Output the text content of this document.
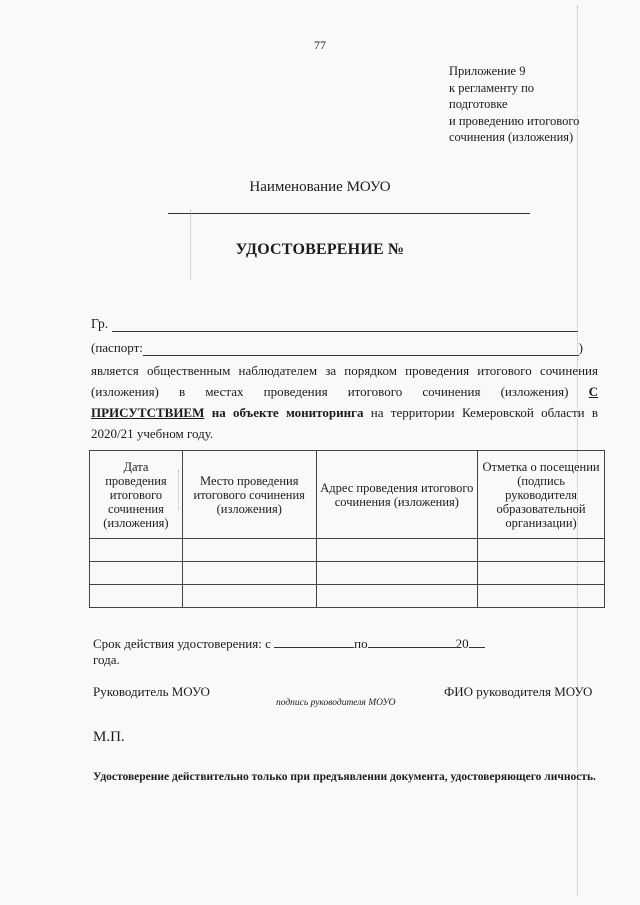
77
Приложение 9
к регламенту по
подготовке
и проведению итогового
сочинения (изложения)
Наименование МОУО
УДОСТОВЕРЕНИЕ №
Гр.
(паспорт:	)
является общественным наблюдателем за порядком проведения итогового сочинения
(изложения) в местах проведения итогового сочинения (изложения) С
ПРИСУТСТВИЕМ на объекте мониторинга на территории Кемеровской области в
2020/21 учебном году.
Дата проведения итогового сочинения (изложения)	Место проведения итогового сочинения (изложения)	Адрес проведения итогового сочинения (изложения)	Отметка о посещении (подпись руководителя образовательной организации)

Срок действия удостоверения: с	по	20 года.
Руководитель МОУО	ФИО руководителя МОУО
подпись руководителя МОУО
М.П.
Удостоверение действительно только при предъявлении документа, удостоверяющего личность.
